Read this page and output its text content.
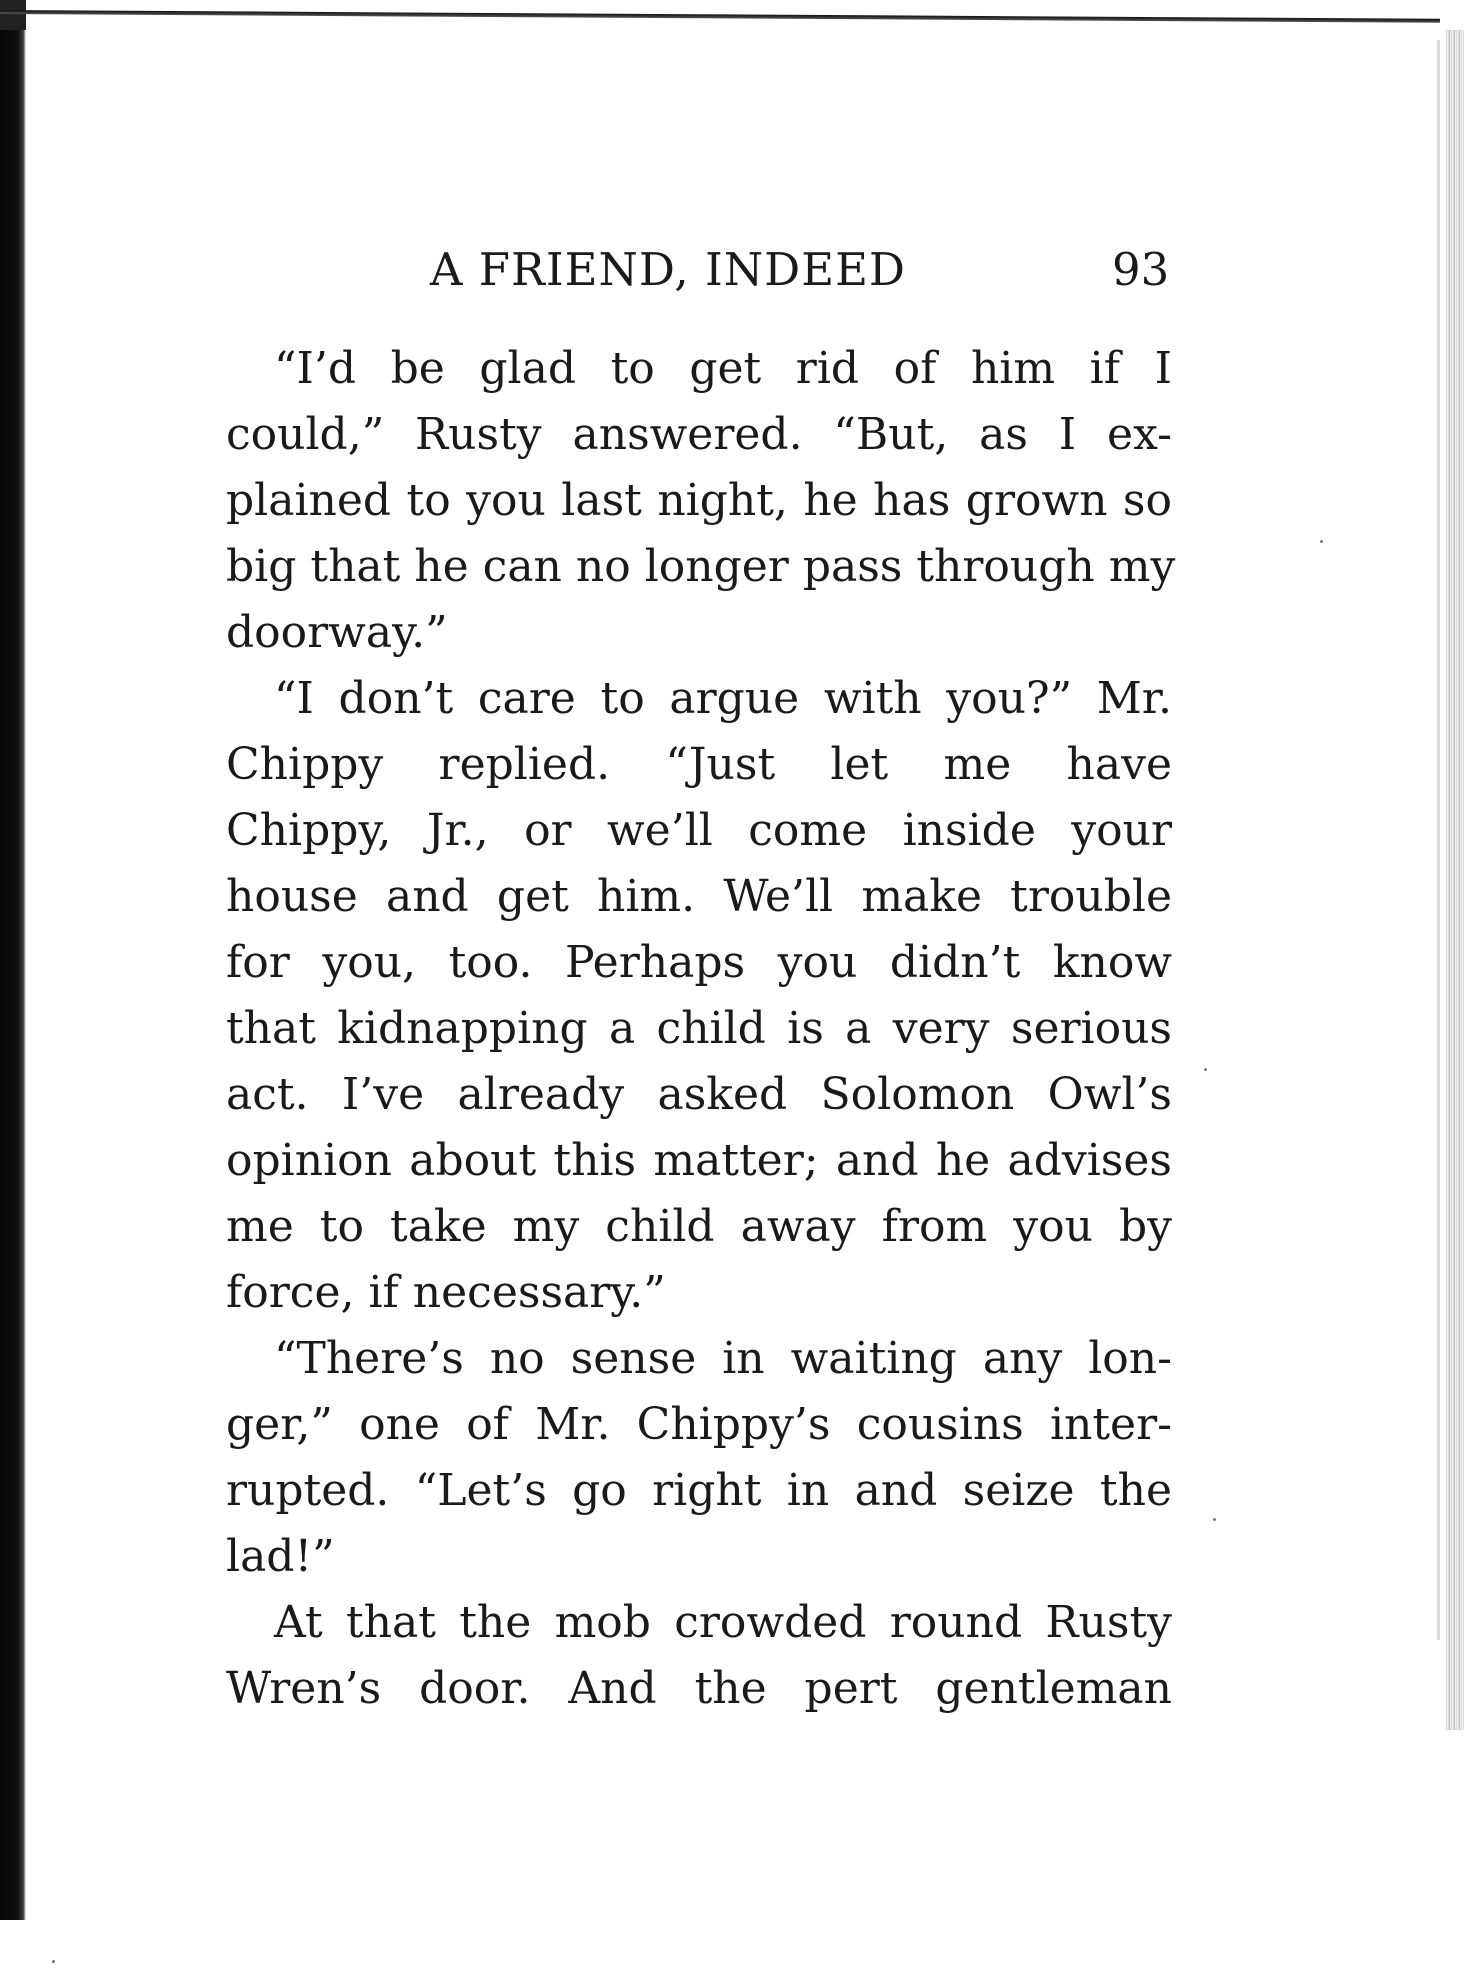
A FRIEND, INDEED	93
“I’d be glad to get rid of him if I
could,” Rusty answered. “But, as I ex-
plained to you last night, he has grown so
big that he can no longer pass through my
doorway.”
“I don’t care to argue with you?” Mr.
Chippy replied. “Just let me have
Chippy, Jr., or we’ll come inside your
house and get him. We’ll make trouble
for you, too. Perhaps you didn’t know
that kidnapping a child is a very serious
act. I’ve already asked Solomon Owl’s
opinion about this matter; and he advises
me to take my child away from you by
force, if necessary.”
“There’s no sense in waiting any lon-
ger,” one of Mr. Chippy’s cousins inter-
rupted. “Let’s go right in and seize the
lad!”
At that the mob crowded round Rusty
Wren’s door. And the pert gentleman
